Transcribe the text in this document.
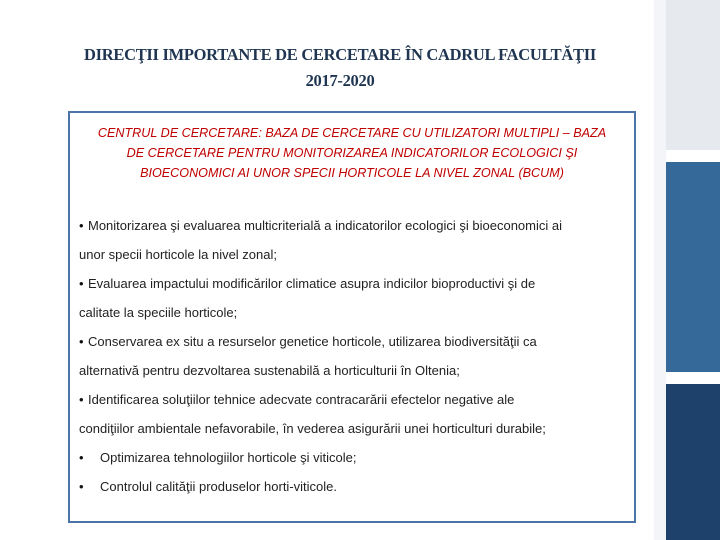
DIRECŢII IMPORTANTE DE CERCETARE ÎN CADRUL FACULTĂŢII
2017-2020
CENTRUL DE CERCETARE: BAZA DE CERCETARE CU UTILIZATORI MULTIPLI – BAZA
DE CERCETARE PENTRU MONITORIZAREA INDICATORILOR ECOLOGICI ŞI
BIOECONOMICI AI UNOR SPECII HORTICOLE LA NIVEL ZONAL (BCUM)
• Monitorizarea şi evaluarea multicriterială a indicatorilor ecologici şi bioeconomici ai
unor specii horticole la nivel zonal;
• Evaluarea impactului modificărilor climatice asupra indicilor bioproductivi şi de
calitate la speciile horticole;
• Conservarea ex situ a resurselor genetice horticole, utilizarea biodiversităţii ca
alternativă pentru dezvoltarea sustenabilă a horticulturii în Oltenia;
• Identificarea soluţiilor tehnice adecvate contracarării efectelor negative ale
condiţiilor ambientale nefavorabile, în vederea asigurării unei horticulturi durabile;
• Optimizarea tehnologiilor horticole şi viticole;
• Controlul calităţii produselor horti-viticole.
